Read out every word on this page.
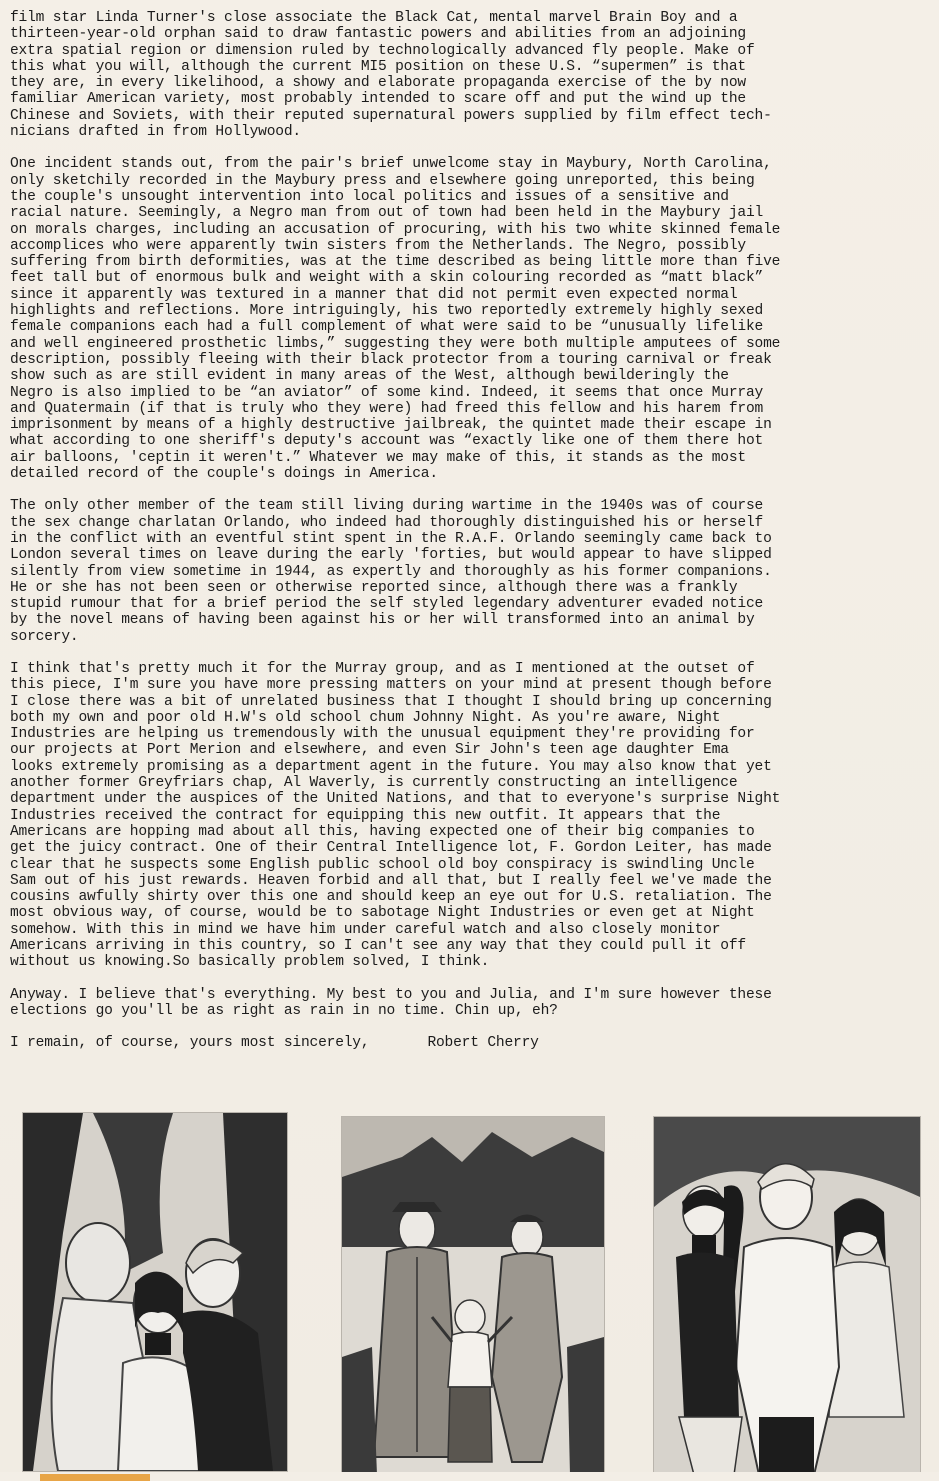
film star Linda Turner's close associate the Black Cat, mental marvel Brain Boy and a
thirteen-year-old orphan said to draw fantastic powers and abilities from an adjoining
extra spatial region or dimension ruled by technologically advanced fly people. Make of
this what you will, although the current MI5 position on these U.S. “supermen” is that
they are, in every likelihood, a showy and elaborate propaganda exercise of the by now
familiar American variety, most probably intended to scare off and put the wind up the
Chinese and Soviets, with their reputed supernatural powers supplied by film effect tech-
nicians drafted in from Hollywood.

One incident stands out, from the pair's brief unwelcome stay in Maybury, North Carolina,
only sketchily recorded in the Maybury press and elsewhere going unreported, this being
the couple's unsought intervention into local politics and issues of a sensitive and
racial nature. Seemingly, a Negro man from out of town had been held in the Maybury jail
on morals charges, including an accusation of procuring, with his two white skinned female
accomplices who were apparently twin sisters from the Netherlands. The Negro, possibly
suffering from birth deformities, was at the time described as being little more than five
feet tall but of enormous bulk and weight with a skin colouring recorded as “matt black”
since it apparently was textured in a manner that did not permit even expected normal
highlights and reflections. More intriguingly, his two reportedly extremely highly sexed
female companions each had a full complement of what were said to be “unusually lifelike
and well engineered prosthetic limbs,” suggesting they were both multiple amputees of some
description, possibly fleeing with their black protector from a touring carnival or freak
show such as are still evident in many areas of the West, although bewilderingly the
Negro is also implied to be “an aviator” of some kind. Indeed, it seems that once Murray
and Quatermain (if that is truly who they were) had freed this fellow and his harem from
imprisonment by means of a highly destructive jailbreak, the quintet made their escape in
what according to one sheriff's deputy's account was “exactly like one of them there hot
air balloons, 'ceptin it weren't.” Whatever we may make of this, it stands as the most
detailed record of the couple's doings in America.

The only other member of the team still living during wartime in the 1940s was of course
the sex change charlatan Orlando, who indeed had thoroughly distinguished his or herself
in the conflict with an eventful stint spent in the R.A.F. Orlando seemingly came back to
London several times on leave during the early 'forties, but would appear to have slipped
silently from view sometime in 1944, as expertly and thoroughly as his former companions.
He or she has not been seen or otherwise reported since, although there was a frankly
stupid rumour that for a brief period the self styled legendary adventurer evaded notice
by the novel means of having been against his or her will transformed into an animal by
sorcery.

I think that's pretty much it for the Murray group, and as I mentioned at the outset of
this piece, I'm sure you have more pressing matters on your mind at present though before
I close there was a bit of unrelated business that I thought I should bring up concerning
both my own and poor old H.W's old school chum Johnny Night. As you're aware, Night
Industries are helping us tremendously with the unusual equipment they're providing for
our projects at Port Merion and elsewhere, and even Sir John's teen age daughter Ema
looks extremely promising as a department agent in the future. You may also know that yet
another former Greyfriars chap, Al Waverly, is currently constructing an intelligence
department under the auspices of the United Nations, and that to everyone's surprise Night
Industries received the contract for equipping this new outfit. It appears that the
Americans are hopping mad about all this, having expected one of their big companies to
get the juicy contract. One of their Central Intelligence lot, F. Gordon Leiter, has made
clear that he suspects some English public school old boy conspiracy is swindling Uncle
Sam out of his just rewards. Heaven forbid and all that, but I really feel we've made the
cousins awfully shirty over this one and should keep an eye out for U.S. retaliation. The
most obvious way, of course, would be to sabotage Night Industries or even get at Night
somehow. With this in mind we have him under careful watch and also closely monitor
Americans arriving in this country, so I can't see any way that they could pull it off
without us knowing.So basically problem solved, I think.

Anyway. I believe that's everything. My best to you and Julia, and I'm sure however these
elections go you'll be as right as rain in no time. Chin up, eh?

I remain, of course, yours most sincerely,	Robert Cherry
